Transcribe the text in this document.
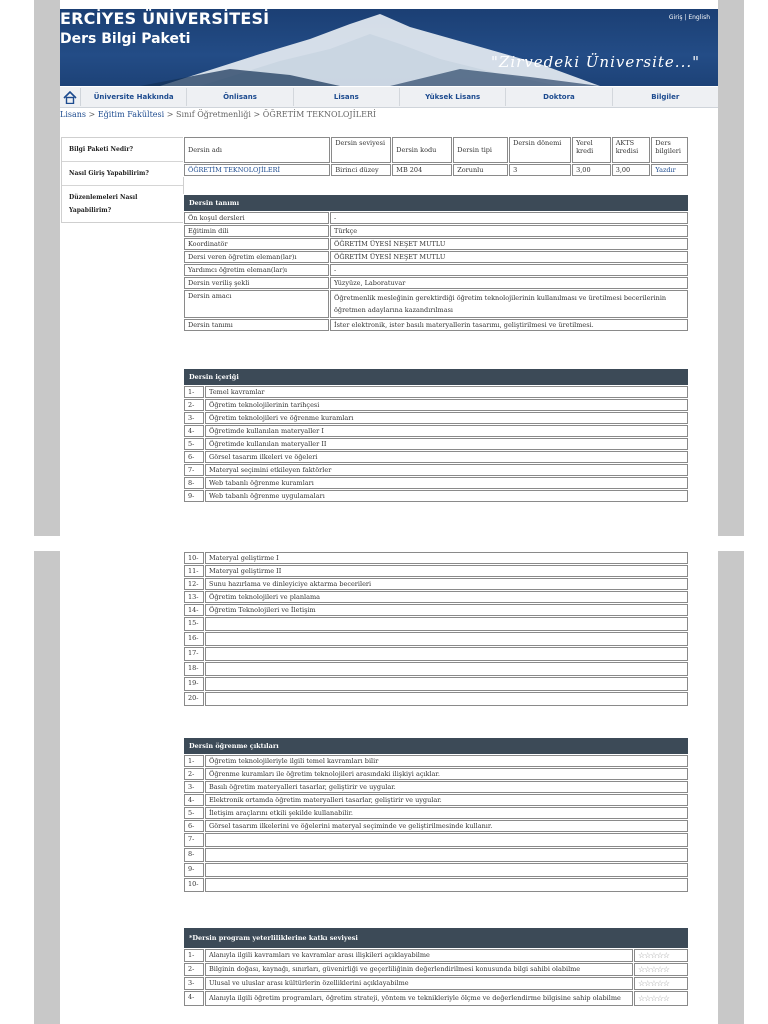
ERCİYES ÜNİVERSİTESİ
Ders Bilgi Paketi
Giriş | English
"Zirvedeki Üniversite..."
Üniversite Hakkında	Önlisans	Lisans	Yüksek Lisans	Doktora	Bilgiler
Lisans > Eğitim Fakültesi > Sınıf Öğretmenliği > ÖĞRETİM TEKNOLOJİLERİ
Bilgi Paketi Nedir?
Nasıl Giriş Yapabilirim?
Düzenlemeleri Nasıl Yapabilirim?
Dersin adı	Dersin seviyesi	Dersin kodu	Dersin tipi	Dersin dönemi	Yerel kredi	AKTS kredisi	Ders bilgileri
ÖĞRETİM TEKNOLOJİLERİ	Birinci düzey	MB 204	Zorunlu	3	3,00	3,00	Yazdır
Dersin tanımı	
Ön koşul dersleri	-
Eğitimin dili	Türkçe
Koordinatör	ÖĞRETİM ÜYESİ NEŞET MUTLU
Dersi veren öğretim eleman(lar)ı	ÖĞRETİM ÜYESİ NEŞET MUTLU
Yardımcı öğretim eleman(lar)ı	-
Dersin veriliş şekli	Yüzyüze, Laboratuvar
Dersin amacı	Öğretmenlik mesleğinin gerektirdiği öğretim teknolojilerinin kullanılması ve üretilmesi becerilerinin öğretmen adaylarına kazandırılması
Dersin tanımı	İster elektronik, ister basılı materyallerin tasarımı, geliştirilmesi ve üretilmesi.
Dersin içeriği	
1-	Temel kavramlar
2-	Öğretim teknolojilerinin tarihçesi
3-	Öğretim teknolojileri ve öğrenme kuramları
4-	Öğretimde kullanılan materyaller I
5-	Öğretimde kullanılan materyaller II
6-	Görsel tasarım ilkeleri ve öğeleri
7-	Materyal seçimini etkileyen faktörler
8-	Web tabanlı öğrenme kuramları
9-	Web tabanlı öğrenme uygulamaları
10-	Materyal geliştirme I
11-	Materyal geliştirme II
12-	Sunu hazırlama ve dinleyiciye aktarma becerileri
13-	Öğretim teknolojileri ve planlama
14-	Öğretim Teknolojileri ve İletişim
15-	
16-	
17-	
18-	
19-	
20-	
Dersin öğrenme çıktıları	
1-	Öğretim teknolojileriyle ilgili temel kavramları bilir
2-	Öğrenme kuramları ile öğretim teknolojileri arasındaki ilişkiyi açıklar.
3-	Basılı öğretim materyalleri tasarlar, geliştirir ve uygular.
4-	Elektronik ortamda öğretim materyalleri tasarlar, geliştirir ve uygular.
5-	İletişim araçlarını etkili şekilde kullanabilir.
6-	Görsel tasarım ilkelerini ve öğelerini materyal seçiminde ve geliştirilmesinde kullanır.
7-	
8-	
9-	
10-	
*Dersin program yeterliliklerine katkı seviyesi		
1-	Alanıyla ilgili kavramları ve kavramlar arası ilişkileri açıklayabilme	☆☆☆☆☆
2-	Bilginin doğası, kaynağı, sınırları, güvenirliği ve geçerliliğinin değerlendirilmesi konusunda bilgi sahibi olabilme	☆☆☆☆☆
3-	Ulusal ve uluslar arası kültürlerin özelliklerini açıklayabilme	☆☆☆☆☆
4-	Alanıyla ilgili öğretim programları, öğretim strateji, yöntem ve teknikleriyle ölçme ve değerlendirme bilgisine sahip olabilme	☆☆☆☆☆
